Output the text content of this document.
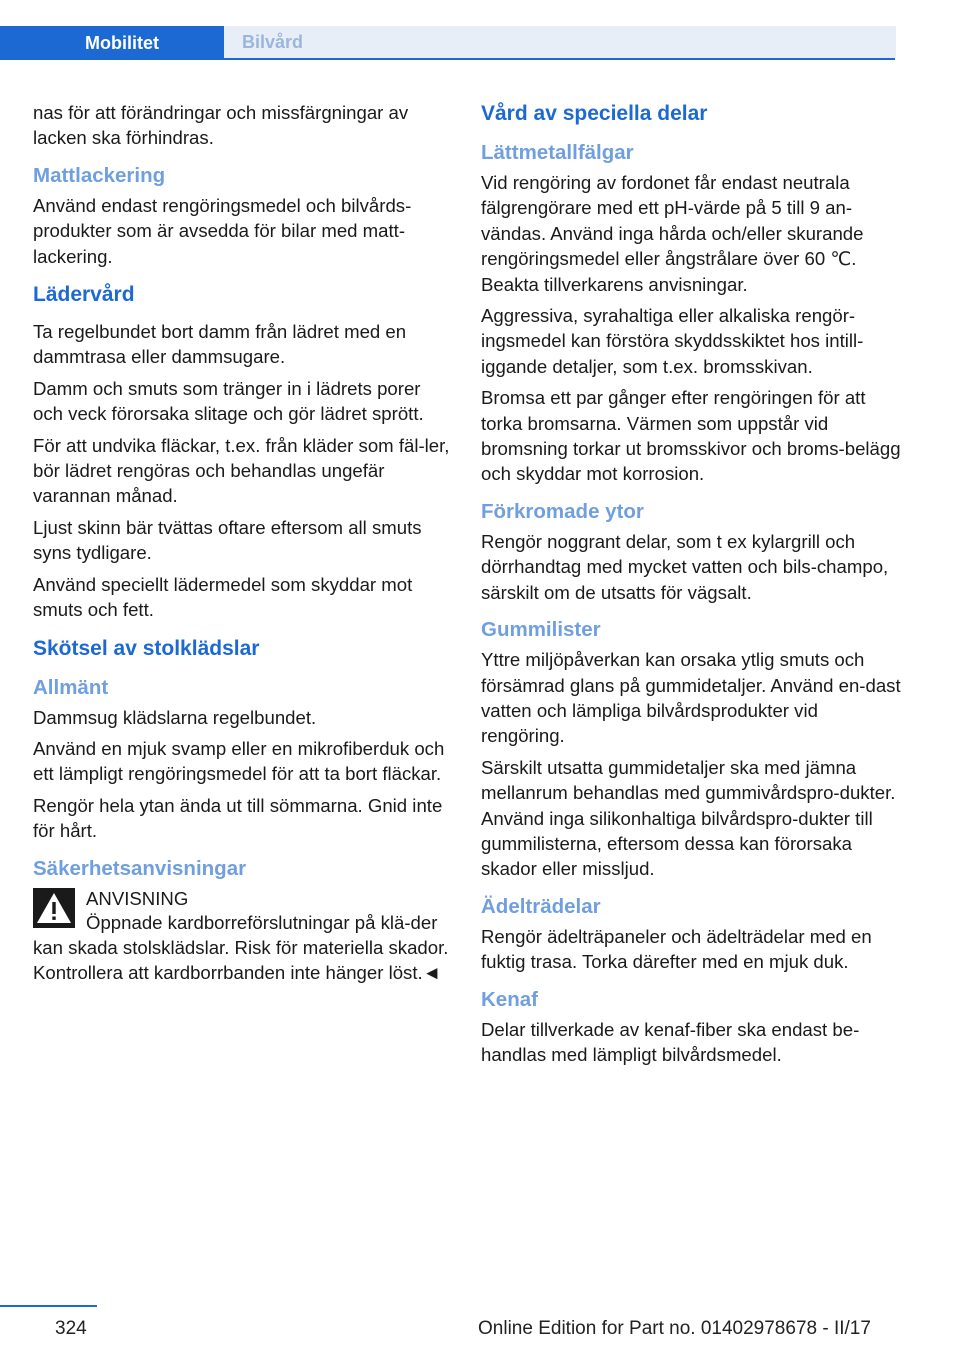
Mobilitet	Bilvård

nas för att förändringar och missfärgningar av lacken ska förhindras.

Mattlackering

Använd endast rengöringsmedel och bilvårds-produkter som är avsedda för bilar med matt-lackering.

Lädervård

Ta regelbundet bort damm från lädret med en dammtrasa eller dammsugare.

Damm och smuts som tränger in i lädrets porer och veck förorsaka slitage och gör lädret sprött.

För att undvika fläckar, t.ex. från kläder som fäl-ler, bör lädret rengöras och behandlas ungefär varannan månad.

Ljust skinn bär tvättas oftare eftersom all smuts syns tydligare.

Använd speciellt lädermedel som skyddar mot smuts och fett.

Skötsel av stolklädslar
Allmänt

Dammsug klädslarna regelbundet.

Använd en mjuk svamp eller en mikrofiberduk och ett lämpligt rengöringsmedel för att ta bort fläckar.

Rengör hela ytan ända ut till sömmarna. Gnid inte för hårt.

Säkerhetsanvisningar
ANVISNING

Öppnade kardborreförslutningar på klä-der kan skada stolsklädslar. Risk för materiella skador. Kontrollera att kardborrbanden inte hänger löst.◄

Vård av speciella delar
Lättmetallfälgar

Vid rengöring av fordonet får endast neutrala fälgrengörare med ett pH-värde på 5 till 9 an-vändas. Använd inga hårda och/eller skurande rengöringsmedel eller ångstrålare över 60 ℃. Beakta tillverkarens anvisningar.

Aggressiva, syrahaltiga eller alkaliska rengör-ingsmedel kan förstöra skyddsskiktet hos intill-iggande detaljer, som t.ex. bromsskivan.

Bromsa ett par gånger efter rengöringen för att torka bromsarna. Värmen som uppstår vid bromsning torkar ut bromsskivor och broms-belägg och skyddar mot korrosion.

Förkromade ytor

Rengör noggrant delar, som t ex kylargrill och dörrhandtag med mycket vatten och bils-champo, särskilt om de utsatts för vägsalt.

Gummilister

Yttre miljöpåverkan kan orsaka ytlig smuts och försämrad glans på gummidetaljer. Använd en-dast vatten och lämpliga bilvårdsprodukter vid rengöring.

Särskilt utsatta gummidetaljer ska med jämna mellanrum behandlas med gummivårdspro-dukter. Använd inga silikonhaltiga bilvårdspro-dukter till gummilisterna, eftersom dessa kan förorsaka skador eller missljud.

Ädelträdelar

Rengör ädelträpaneler och ädelträdelar med en fuktig trasa. Torka därefter med en mjuk duk.

Kenaf

Delar tillverkade av kenaf-fiber ska endast be-handlas med lämpligt bilvårdsmedel.

324	Online Edition for Part no. 01402978678 - II/17
